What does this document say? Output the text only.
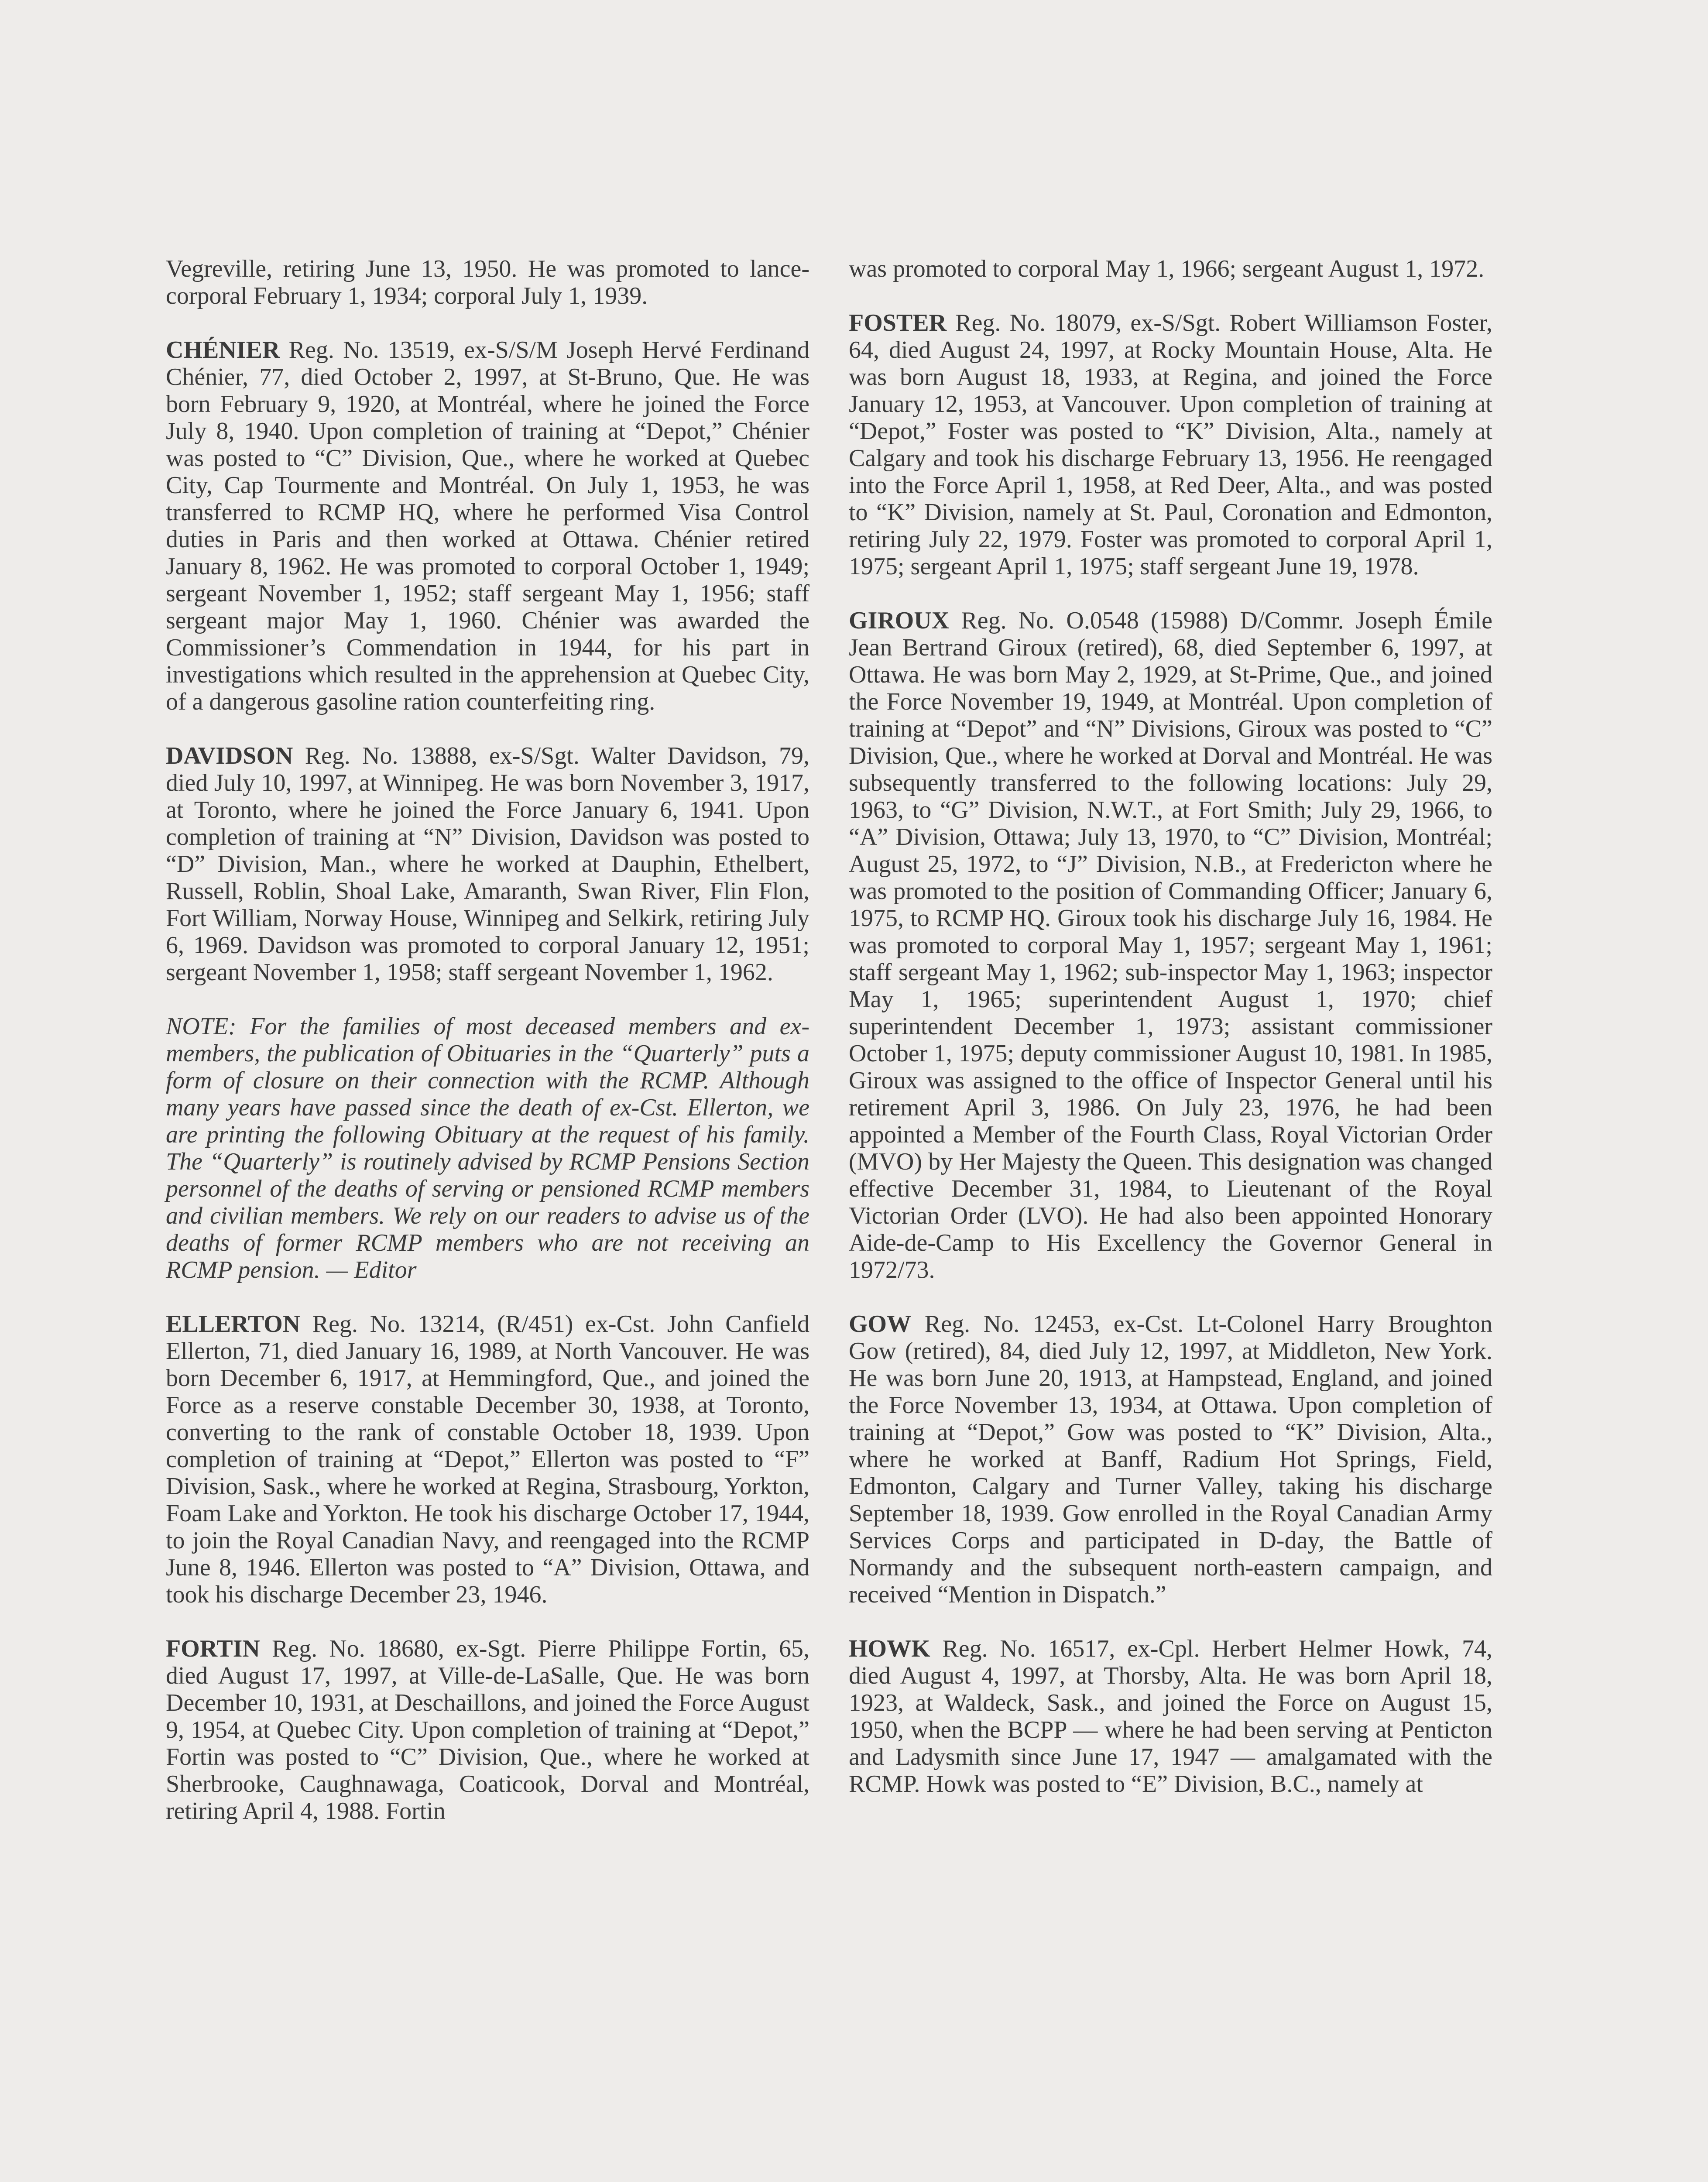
Vegreville, retiring June 13, 1950. He was promoted to lance-corporal February 1, 1934; corporal July 1, 1939.

CHÉNIER Reg. No. 13519, ex-S/S/M Joseph Hervé Ferdinand Chénier, 77, died October 2, 1997, at St-Bruno, Que. He was born February 9, 1920, at Montréal, where he joined the Force July 8, 1940. Upon completion of training at “Depot,” Chénier was posted to “C” Division, Que., where he worked at Quebec City, Cap Tourmente and Montréal. On July 1, 1953, he was transferred to RCMP HQ, where he performed Visa Control duties in Paris and then worked at Ottawa. Chénier retired January 8, 1962. He was promoted to corporal October 1, 1949; sergeant November 1, 1952; staff sergeant May 1, 1956; staff sergeant major May 1, 1960. Chénier was awarded the Commissioner’s Commendation in 1944, for his part in investigations which resulted in the apprehension at Quebec City, of a dangerous gasoline ration counterfeiting ring.

DAVIDSON Reg. No. 13888, ex-S/Sgt. Walter Davidson, 79, died July 10, 1997, at Winnipeg. He was born November 3, 1917, at Toronto, where he joined the Force January 6, 1941. Upon completion of training at “N” Division, Davidson was posted to “D” Division, Man., where he worked at Dauphin, Ethelbert, Russell, Roblin, Shoal Lake, Amaranth, Swan River, Flin Flon, Fort William, Norway House, Winnipeg and Selkirk, retiring July 6, 1969. Davidson was promoted to corporal January 12, 1951; sergeant November 1, 1958; staff sergeant November 1, 1962.

NOTE: For the families of most deceased members and ex-members, the publication of Obituaries in the “Quarterly” puts a form of closure on their connection with the RCMP. Although many years have passed since the death of ex-Cst. Ellerton, we are printing the following Obituary at the request of his family. The “Quarterly” is routinely advised by RCMP Pensions Section personnel of the deaths of serving or pensioned RCMP members and civilian members. We rely on our readers to advise us of the deaths of former RCMP members who are not receiving an RCMP pension. — Editor

ELLERTON Reg. No. 13214, (R/451) ex-Cst. John Canfield Ellerton, 71, died January 16, 1989, at North Vancouver. He was born December 6, 1917, at Hemmingford, Que., and joined the Force as a reserve constable December 30, 1938, at Toronto, converting to the rank of constable October 18, 1939. Upon completion of training at “Depot,” Ellerton was posted to “F” Division, Sask., where he worked at Regina, Strasbourg, Yorkton, Foam Lake and Yorkton. He took his discharge October 17, 1944, to join the Royal Canadian Navy, and reengaged into the RCMP June 8, 1946. Ellerton was posted to “A” Division, Ottawa, and took his discharge December 23, 1946.

FORTIN Reg. No. 18680, ex-Sgt. Pierre Philippe Fortin, 65, died August 17, 1997, at Ville-de-LaSalle, Que. He was born December 10, 1931, at Deschaillons, and joined the Force August 9, 1954, at Quebec City. Upon completion of training at “Depot,” Fortin was posted to “C” Division, Que., where he worked at Sherbrooke, Caughnawaga, Coaticook, Dorval and Montréal, retiring April 4, 1988. Fortin

was promoted to corporal May 1, 1966; sergeant August 1, 1972.

FOSTER Reg. No. 18079, ex-S/Sgt. Robert Williamson Foster, 64, died August 24, 1997, at Rocky Mountain House, Alta. He was born August 18, 1933, at Regina, and joined the Force January 12, 1953, at Vancouver. Upon completion of training at “Depot,” Foster was posted to “K” Division, Alta., namely at Calgary and took his discharge February 13, 1956. He reengaged into the Force April 1, 1958, at Red Deer, Alta., and was posted to “K” Division, namely at St. Paul, Coronation and Edmonton, retiring July 22, 1979. Foster was promoted to corporal April 1, 1975; sergeant April 1, 1975; staff sergeant June 19, 1978.

GIROUX Reg. No. O.0548 (15988) D/Commr. Joseph Émile Jean Bertrand Giroux (retired), 68, died September 6, 1997, at Ottawa. He was born May 2, 1929, at St-Prime, Que., and joined the Force November 19, 1949, at Montréal. Upon completion of training at “Depot” and “N” Divisions, Giroux was posted to “C” Division, Que., where he worked at Dorval and Montréal. He was subsequently transferred to the following locations: July 29, 1963, to “G” Division, N.W.T., at Fort Smith; July 29, 1966, to “A” Division, Ottawa; July 13, 1970, to “C” Division, Montréal; August 25, 1972, to “J” Division, N.B., at Fredericton where he was promoted to the position of Commanding Officer; January 6, 1975, to RCMP HQ. Giroux took his discharge July 16, 1984. He was promoted to corporal May 1, 1957; sergeant May 1, 1961; staff sergeant May 1, 1962; sub-inspector May 1, 1963; inspector May 1, 1965; superintendent August 1, 1970; chief superintendent December 1, 1973; assistant commissioner October 1, 1975; deputy commissioner August 10, 1981. In 1985, Giroux was assigned to the office of Inspector General until his retirement April 3, 1986. On July 23, 1976, he had been appointed a Member of the Fourth Class, Royal Victorian Order (MVO) by Her Majesty the Queen. This designation was changed effective December 31, 1984, to Lieutenant of the Royal Victorian Order (LVO). He had also been appointed Honorary Aide-de-Camp to His Excellency the Governor General in 1972/73.

GOW Reg. No. 12453, ex-Cst. Lt-Colonel Harry Broughton Gow (retired), 84, died July 12, 1997, at Middleton, New York. He was born June 20, 1913, at Hampstead, England, and joined the Force November 13, 1934, at Ottawa. Upon completion of training at “Depot,” Gow was posted to “K” Division, Alta., where he worked at Banff, Radium Hot Springs, Field, Edmonton, Calgary and Turner Valley, taking his discharge September 18, 1939. Gow enrolled in the Royal Canadian Army Services Corps and participated in D-day, the Battle of Normandy and the subsequent north-eastern campaign, and received “Mention in Dispatch.”

HOWK Reg. No. 16517, ex-Cpl. Herbert Helmer Howk, 74, died August 4, 1997, at Thorsby, Alta. He was born April 18, 1923, at Waldeck, Sask., and joined the Force on August 15, 1950, when the BCPP — where he had been serving at Penticton and Ladysmith since June 17, 1947 — amalgamated with the RCMP. Howk was posted to “E” Division, B.C., namely at
